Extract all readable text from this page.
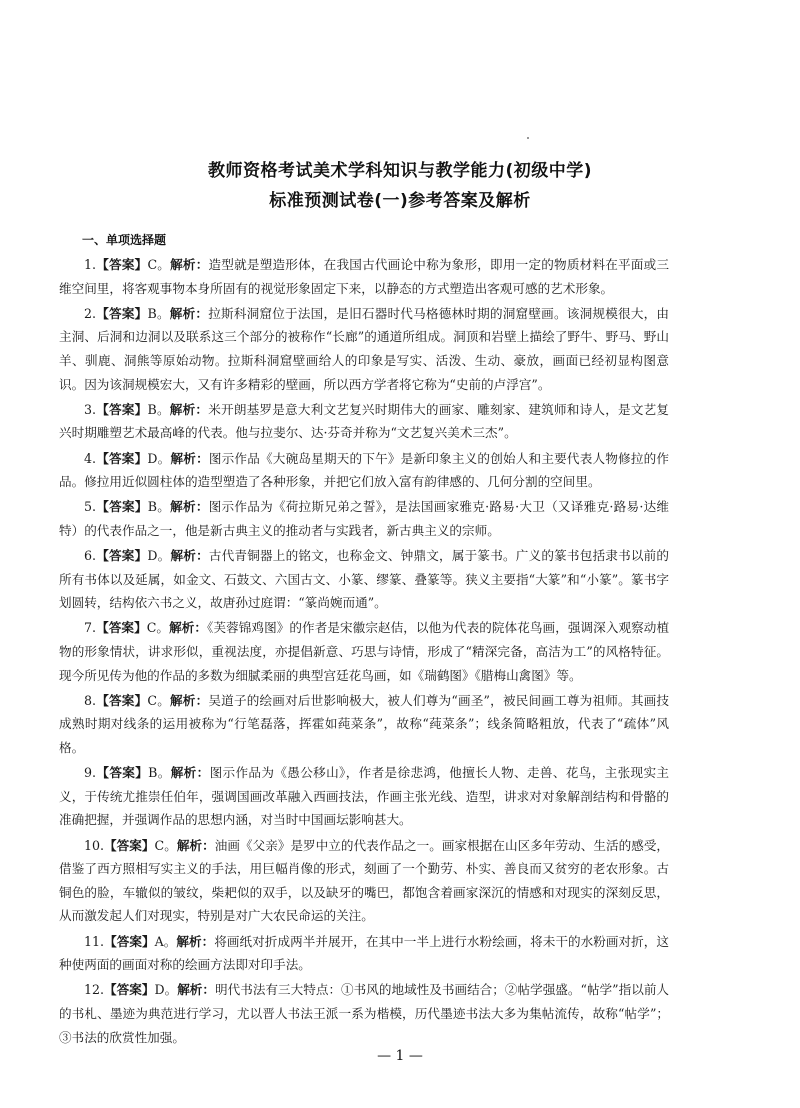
教师资格考试美术学科知识与教学能力(初级中学)
标准预测试卷(一)参考答案及解析
一、单项选择题

1.【答案】C。解析：造型就是塑造形体，在我国古代画论中称为象形，即用一定的物质材料在平面或三维空间里，将客观事物本身所固有的视觉形象固定下来，以静态的方式塑造出客观可感的艺术形象。

2.【答案】B。解析：拉斯科洞窟位于法国，是旧石器时代马格德林时期的洞窟壁画。该洞规模很大，由主洞、后洞和边洞以及联系这三个部分的被称作“长廊”的通道所组成。洞顶和岩壁上描绘了野牛、野马、野山羊、驯鹿、洞熊等原始动物。拉斯科洞窟壁画给人的印象是写实、活泼、生动、豪放，画面已经初显构图意识。因为该洞规模宏大，又有许多精彩的壁画，所以西方学者将它称为“史前的卢浮宫”。

3.【答案】B。解析：米开朗基罗是意大利文艺复兴时期伟大的画家、雕刻家、建筑师和诗人，是文艺复兴时期雕塑艺术最高峰的代表。他与拉斐尔、达·芬奇并称为“文艺复兴美术三杰”。

4.【答案】D。解析：图示作品《大碗岛星期天的下午》是新印象主义的创始人和主要代表人物修拉的作品。修拉用近似圆柱体的造型塑造了各种形象，并把它们放入富有韵律感的、几何分割的空间里。

5.【答案】B。解析：图示作品为《荷拉斯兄弟之誓》，是法国画家雅克·路易·大卫（又译雅克·路易·达维特）的代表作品之一，他是新古典主义的推动者与实践者，新古典主义的宗师。

6.【答案】D。解析：古代青铜器上的铭文，也称金文、钟鼎文，属于篆书。广义的篆书包括隶书以前的所有书体以及延属，如金文、石鼓文、六国古文、小篆、缪篆、叠篆等。狭义主要指“大篆”和“小篆”。篆书字划圆转，结构依六书之义，故唐孙过庭谓：“篆尚婉而通”。

7.【答案】C。解析：《芙蓉锦鸡图》的作者是宋徽宗赵佶，以他为代表的院体花鸟画，强调深入观察动植物的形象情状，讲求形似，重视法度，亦提倡新意、巧思与诗情，形成了“精深完备，高洁为工”的风格特征。现今所见传为他的作品的多数为细腻柔丽的典型宫廷花鸟画，如《瑞鹤图》《腊梅山禽图》等。

8.【答案】C。解析：吴道子的绘画对后世影响极大，被人们尊为“画圣”，被民间画工尊为祖师。其画技成熟时期对线条的运用被称为“行笔磊落，挥霍如莼菜条”，故称“莼菜条”；线条简略粗放，代表了“疏体”风格。

9.【答案】B。解析：图示作品为《愚公移山》，作者是徐悲鸿，他擅长人物、走兽、花鸟，主张现实主义，于传统尤推崇任伯年，强调国画改革融入西画技法，作画主张光线、造型，讲求对对象解剖结构和骨骼的准确把握，并强调作品的思想内涵，对当时中国画坛影响甚大。

10.【答案】C。解析：油画《父亲》是罗中立的代表作品之一。画家根据在山区多年劳动、生活的感受，借鉴了西方照相写实主义的手法，用巨幅肖像的形式，刻画了一个勤劳、朴实、善良而又贫穷的老农形象。古铜色的脸，车辙似的皱纹，柴耙似的双手，以及缺牙的嘴巴，都饱含着画家深沉的情感和对现实的深刻反思，从而激发起人们对现实，特别是对广大农民命运的关注。

11.【答案】A。解析：将画纸对折成两半并展开，在其中一半上进行水粉绘画，将未干的水粉画对折，这种使两面的画面对称的绘画方法即对印手法。

12.【答案】D。解析：明代书法有三大特点：①书风的地域性及书画结合；②帖学强盛。“帖学”指以前人的书札、墨迹为典范进行学习，尤以晋人书法王派一系为楷模，历代墨迹书法大多为集帖流传，故称“帖学”；③书法的欣赏性加强。

— 1 —
